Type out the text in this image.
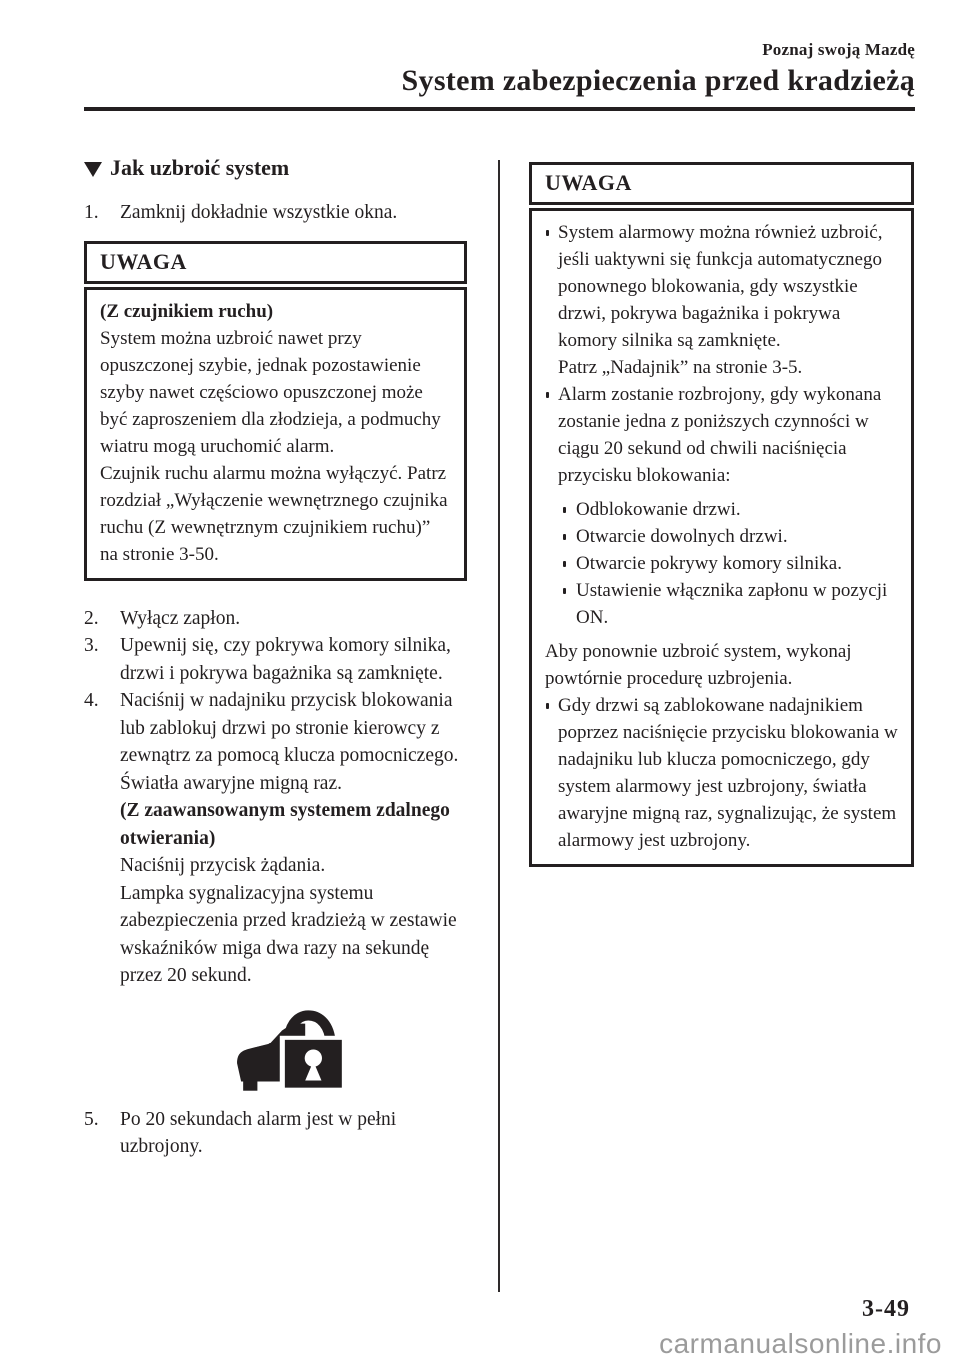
Poznaj swoją Mazdę
System zabezpieczenia przed kradzieżą
Jak uzbroić system
1.	Zamknij dokładnie wszystkie okna.
UWAGA

(Z czujnikiem ruchu)

System można uzbroić nawet przy opuszczonej szybie, jednak pozostawienie szyby nawet częściowo opuszczonej może być zaproszeniem dla złodzieja, a podmuchy wiatru mogą uruchomić alarm.

Czujnik ruchu alarmu można wyłączyć. Patrz rozdział „Wyłączenie wewnętrznego czujnika ruchu (Z wewnętrznym czujnikiem ruchu)” na stronie 3-50.

2.	Wyłącz zapłon.
3.	Upewnij się, czy pokrywa komory silnika, drzwi i pokrywa bagażnika są zamknięte.
4.	Naciśnij w nadajniku przycisk blokowania lub zablokuj drzwi po stronie kierowcy z zewnątrz za pomocą klucza pomocniczego.
Światła awaryjne migną raz.
(Z zaawansowanym systemem zdalnego otwierania)
Naciśnij przycisk żądania.
Lampka sygnalizacyjna systemu zabezpieczenia przed kradzieżą w zestawie wskaźników miga dwa razy na sekundę przez 20 sekund.
5.	Po 20 sekundach alarm jest w pełni uzbrojony.
UWAGA
System alarmowy można również uzbroić, jeśli uaktywni się funkcja automatycznego ponownego blokowania, gdy wszystkie drzwi, pokrywa bagażnika i pokrywa komory silnika są zamknięte.
Patrz „Nadajnik” na stronie 3-5.
Alarm zostanie rozbrojony, gdy wykonana zostanie jedna z poniższych czynności w ciągu 20 sekund od chwili naciśnięcia przycisku blokowania:
Odblokowanie drzwi.
Otwarcie dowolnych drzwi.
Otwarcie pokrywy komory silnika.
Ustawienie włącznika zapłonu w pozycji ON.

Aby ponownie uzbroić system, wykonaj powtórnie procedurę uzbrojenia.

Gdy drzwi są zablokowane nadajnikiem poprzez naciśnięcie przycisku blokowania w nadajniku lub klucza pomocniczego, gdy system alarmowy jest uzbrojony, światła awaryjne migną raz, sygnalizując, że system alarmowy jest uzbrojony.
3-49
carmanualsonline.info
